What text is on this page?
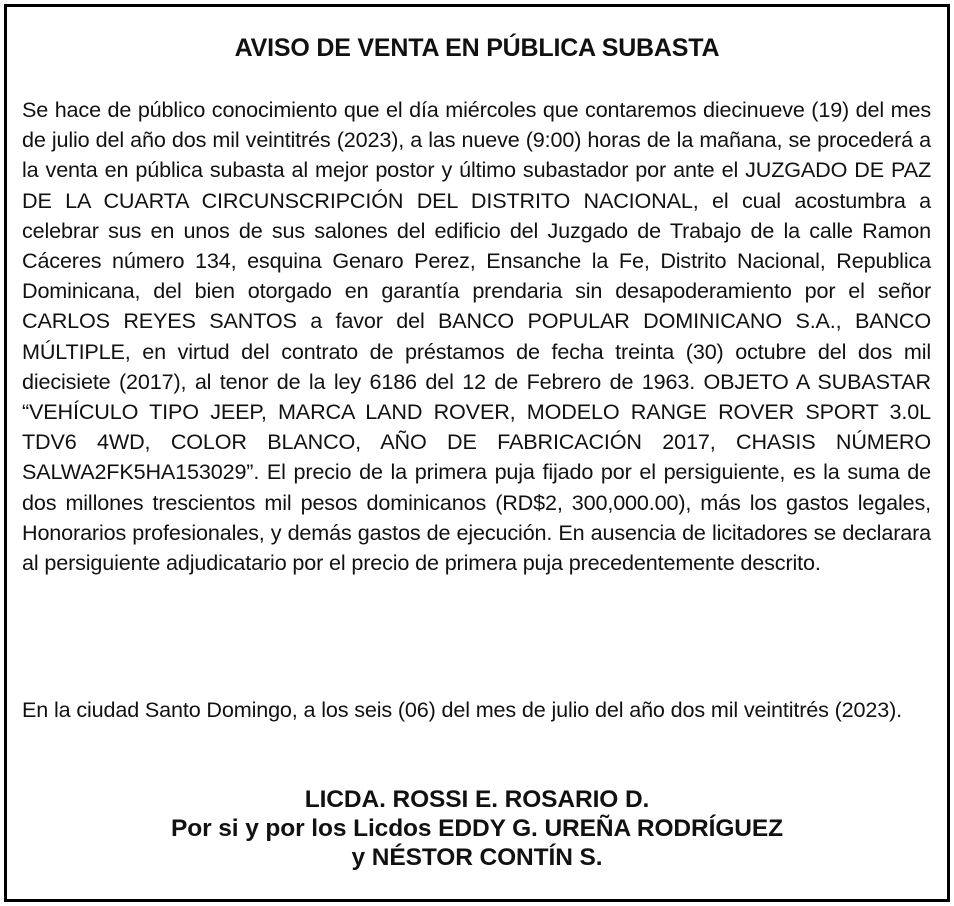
AVISO DE VENTA EN PÚBLICA SUBASTA
Se hace de público conocimiento que el día miércoles que contaremos diecinueve (19) del mes de julio del año dos mil veintitrés (2023), a las nueve (9:00) horas de la mañana, se procederá a la venta en pública subasta al mejor postor y último subastador por ante el JUZGADO DE PAZ DE LA CUARTA CIRCUNSCRIPCIÓN DEL DISTRITO NACIONAL, el cual acostumbra a celebrar sus en unos de sus salones del edificio del Juzgado de Trabajo de la calle Ramon Cáceres número 134, esquina Genaro Perez, Ensanche la Fe, Distrito Nacional, Republica Dominicana, del bien otorgado en garantía prendaria sin desapoderamiento por el señor CARLOS REYES SANTOS a favor del BANCO POPULAR DOMINICANO S.A., BANCO MÚLTIPLE, en virtud del contrato de préstamos de fecha treinta (30) octubre del dos mil diecisiete (2017), al tenor de la ley 6186 del 12 de Febrero de 1963. OBJETO A SUBASTAR “VEHÍCULO TIPO JEEP, MARCA LAND ROVER, MODELO RANGE ROVER SPORT 3.0L TDV6 4WD, COLOR BLANCO, AÑO DE FABRICACIÓN 2017, CHASIS NÚMERO SALWA2FK5HA153029”. El precio de la primera puja fijado por el persiguiente, es la suma de dos millones trescientos mil pesos dominicanos (RD$2, 300,000.00), más los gastos legales, Honorarios profesionales, y demás gastos de ejecución. En ausencia de licitadores se declarara al persiguiente adjudicatario por el precio de primera puja precedentemente descrito.
En la ciudad Santo Domingo, a los seis (06) del mes de julio del año dos mil veintitrés (2023).
LICDA. ROSSI E. ROSARIO D.
Por si y por los Licdos EDDY G. UREÑA RODRÍGUEZ
y NÉSTOR CONTÍN S.
